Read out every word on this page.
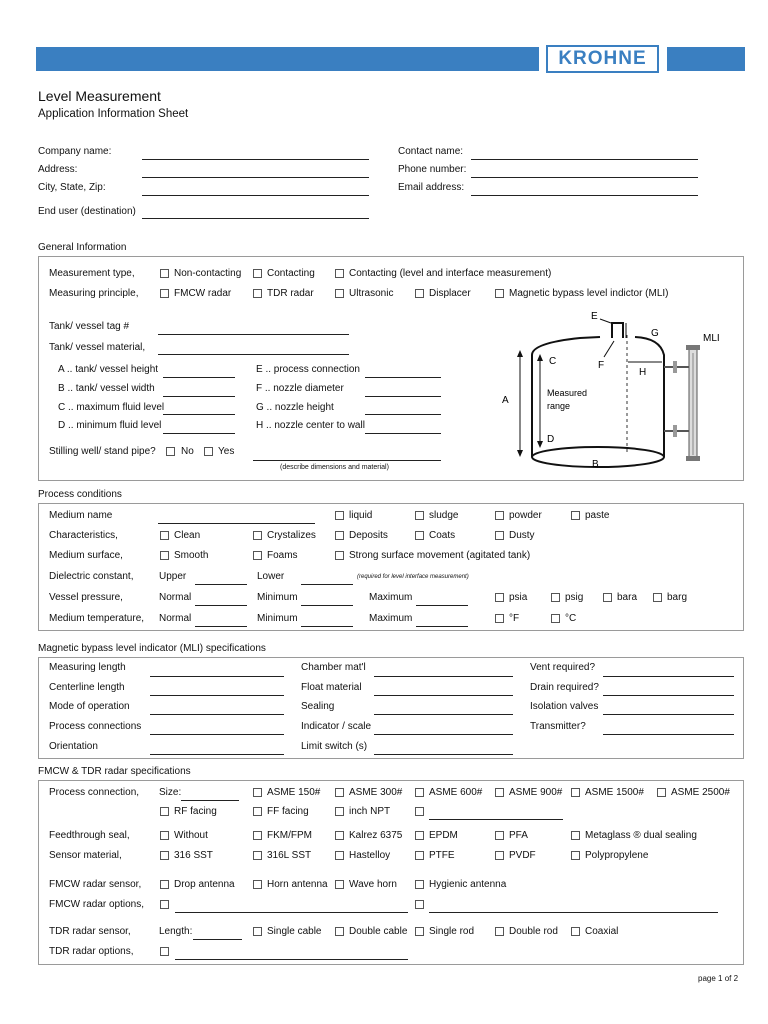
KROHNE
Level Measurement
Application Information Sheet
Company name:
Address:
City, State, Zip:
End user (destination)
Contact name:
Phone number:
Email address:
General Information
Measurement type,	Non-contacting	Contacting	Contacting (level and interface measurement)
Measuring principle,	FMCW radar	TDR radar	Ultrasonic	Displacer	Magnetic bypass level indictor (MLI)
Tank/ vessel tag #
Tank/ vessel material,
A .. tank/ vessel height
B .. tank/ vessel width
C .. maximum fluid level
D .. minimum fluid level
E .. process connection
F .. nozzle diameter
G .. nozzle height
H .. nozzle center to wall
Stilling well/ stand pipe?	No Yes
(describe dimensions and material)
A
B
C
D
E
F
G
H
MLI
Measured
range
Process conditions
Medium name	liquid	sludge	powder	paste
Characteristics,	Clean	Crystalizes	Deposits	Coats	Dusty
Medium surface,	Smooth	Foams	Strong surface movement (agitated tank)
Dielectric constant,	Upper	Lower	(required for level interface measurement)
Vessel pressure,	Normal	Minimum	Maximum	psia	psig	bara	barg
Medium temperature, Normal	Minimum	Maximum	°F	°C
Magnetic bypass level indicator (MLI) specifications
Measuring length
Centerline length
Mode of operation
Process connections
Orientation
Chamber mat'l
Float material
Sealing
Indicator / scale
Limit switch (s)
Vent required?
Drain required?
Isolation valves
Transmitter?
FMCW & TDR radar specifications
Process connection, Size:	ASME 150#	ASME 300#	ASME 600#	ASME 900# ASME 1500#	ASME 2500#
RF facing	FF facing	inch NPT
Feedthrough seal,	Without	FKM/FPM	Kalrez 6375	EPDM	PFA	Metaglass ® dual sealing
Sensor material,	316 SST	316L SST	Hastelloy	PTFE	PVDF	Polypropylene
FMCW radar sensor,	Drop antenna	Horn antenna Wave horn	Hygienic antenna
FMCW radar options,
TDR radar sensor,	Length:	Single cable	Double cable Single rod	Double rod	Coaxial
TDR radar options,
page 1 of 2
